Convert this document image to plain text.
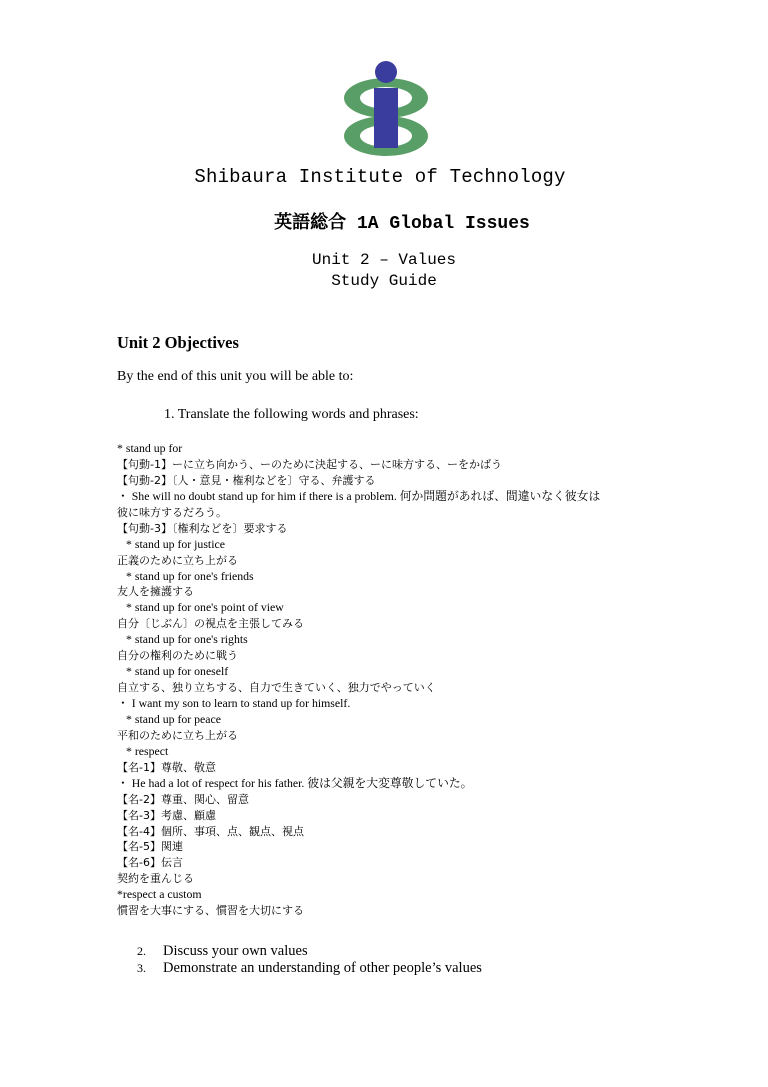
Shibaura Institute of Technology
英語総合 1A Global Issues
Unit 2 – Values
Study Guide
Unit 2 Objectives
By the end of this unit you will be able to:
1. Translate the following words and phrases:
* stand up for
【句動-1】ーに立ち向かう、ーのために決起する、ーに味方する、ーをかばう
【句動-2】〔人・意見・権利などを〕守る、弁護する
・ She will no doubt stand up for him if there is a problem. 何か問題があれば、間違いなく彼女は
彼に味方するだろう。
【句動-3】〔権利などを〕要求する
* stand up for justice
正義のために立ち上がる
* stand up for one's friends
友人を擁護する
* stand up for one's point of view
自分〔じぶん〕の視点を主張してみる
* stand up for one's rights
自分の権利のために戦う
* stand up for oneself
自立する、独り立ちする、自力で生きていく、独力でやっていく
・ I want my son to learn to stand up for himself.
* stand up for peace
平和のために立ち上がる
* respect
【名-1】尊敬、敬意
・ He had a lot of respect for his father. 彼は父親を大変尊敬していた。
【名-2】尊重、関心、留意
【名-3】考慮、顧慮
【名-4】個所、事項、点、観点、視点
【名-5】関連
【名-6】伝言
契約を重んじる
*respect a custom
慣習を大事にする、慣習を大切にする
2. Discuss your own values
3. Demonstrate an understanding of other people’s values
